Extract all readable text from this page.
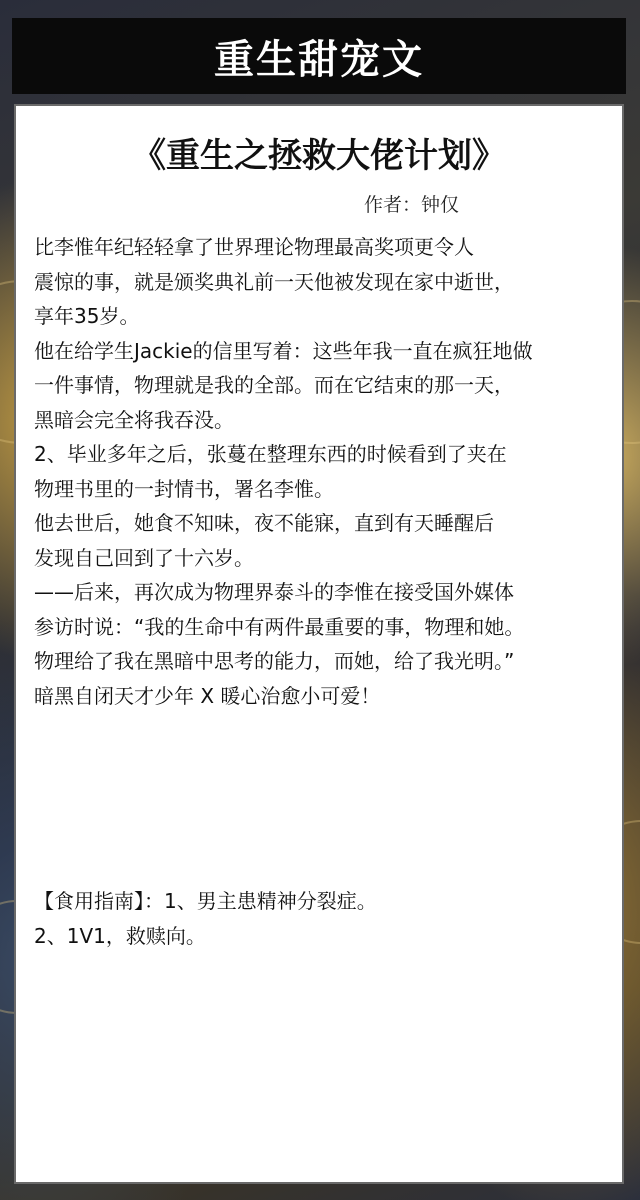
重生甜宠文
《重生之拯救大佬计划》
作者：钟仅
比李惟年纪轻轻拿了世界理论物理最高奖项更令人
震惊的事，就是颁奖典礼前一天他被发现在家中逝世，
享年35岁。
他在给学生Jackie的信里写着：这些年我一直在疯狂地做
一件事情，物理就是我的全部。而在它结束的那一天，
黑暗会完全将我吞没。
2、毕业多年之后，张蔓在整理东西的时候看到了夹在
物理书里的一封情书，署名李惟。
他去世后，她食不知味，夜不能寐，直到有天睡醒后
发现自己回到了十六岁。
——后来，再次成为物理界泰斗的李惟在接受国外媒体
参访时说：“我的生命中有两件最重要的事，物理和她。
物理给了我在黑暗中思考的能力，而她，给了我光明。”
暗黑自闭天才少年 X 暖心治愈小可爱！
【食用指南】：1、男主患精神分裂症。
2、1V1，救赎向。
